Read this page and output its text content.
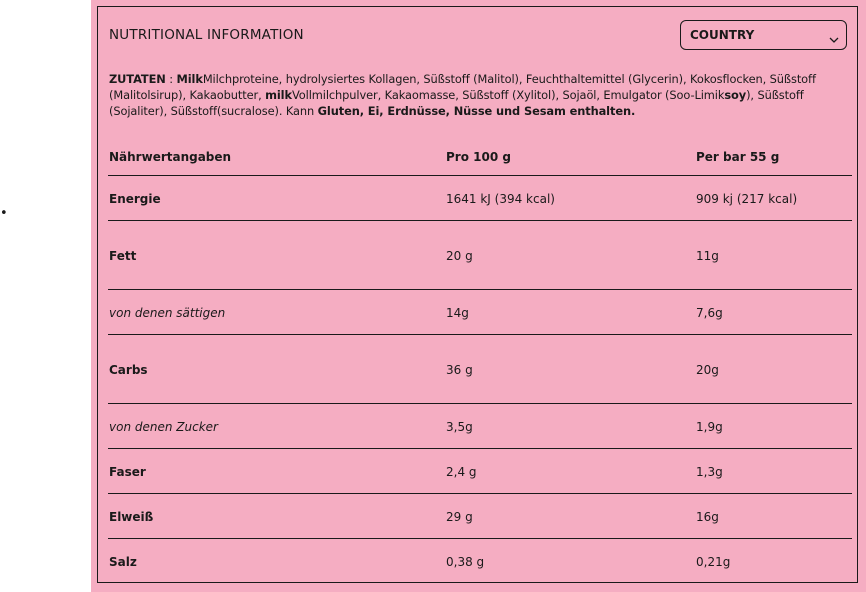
•
NUTRITIONAL INFORMATION	COUNTRY
ZUTATEN : MilkMilchproteine, hydrolysiertes Kollagen, Süßstoff (Malitol), Feuchthaltemittel (Glycerin), Kokosflocken, Süßstoff (Malitolsirup), Kakaobutter, milkVollmilchpulver, Kakaomasse, Süßstoff (Xylitol), Sojaöl, Emulgator (Soo-Limiksoy), Süßstoff (Sojaliter), Süßstoff(sucralose). Kann Gluten, Ei, Erdnüsse, Nüsse und Sesam enthalten.
Nährwertangaben	Pro 100 g	Per bar 55 g
Energie	1641 kJ (394 kcal)	909 kj (217 kcal)
Fett	20 g	11g
von denen sättigen	14g	7,6g
Carbs	36 g	20g
von denen Zucker	3,5g	1,9g
Faser	2,4 g	1,3g
Elweiß	29 g	16g
Salz	0,38 g	0,21g
